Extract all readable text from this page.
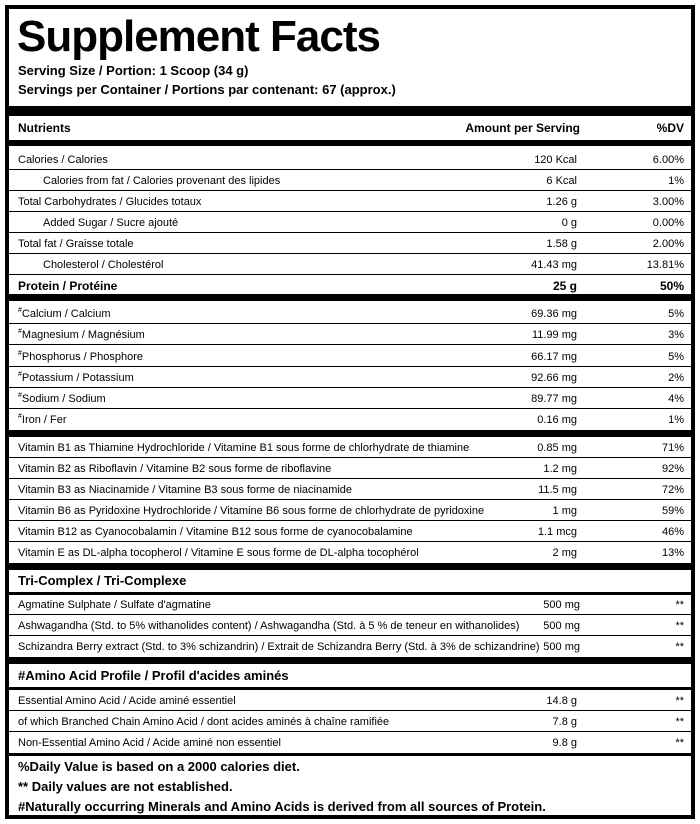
Supplement Facts
Serving Size / Portion: 1 Scoop (34 g)
Servings per Container / Portions par contenant: 67 (approx.)
Nutrients	Amount per Serving	%DV
Calories / Calories	120 Kcal	6.00%
Calories from fat / Calories provenant des lipides	6 Kcal	1%
Total Carbohydrates / Glucides totaux	1.26 g	3.00%
Added Sugar / Sucre ajouté	0 g	0.00%
Total fat / Graisse totale	1.58 g	2.00%
Cholesterol / Cholestérol	41.43 mg	13.81%
Protein / Protéine	25 g	50%
#Calcium / Calcium	69.36 mg	5%
#Magnesium / Magnésium	11.99 mg	3%
#Phosphorus / Phosphore	66.17 mg	5%
#Potassium / Potassium	92.66 mg	2%
#Sodium / Sodium	89.77 mg	4%
#Iron / Fer	0.16 mg	1%
Vitamin B1 as Thiamine Hydrochloride / Vitamine B1 sous forme de chlorhydrate de thiamine	0.85 mg	71%
Vitamin B2 as Riboflavin / Vitamine B2 sous forme de riboflavine	1.2 mg	92%
Vitamin B3 as Niacinamide / Vitamine B3 sous forme de niacinamide	11.5 mg	72%
Vitamin B6 as Pyridoxine Hydrochloride / Vitamine B6 sous forme de chlorhydrate de pyridoxine	1 mg	59%
Vitamin B12 as Cyanocobalamin / Vitamine B12 sous forme de cyanocobalamine	1.1 mcg	46%
Vitamin E as DL-alpha tocopherol / Vitamine E sous forme de DL-alpha tocophérol	2 mg	13%
Tri-Complex / Tri-Complexe
Agmatine Sulphate / Sulfate d'agmatine	500 mg	**
Ashwagandha (Std. to 5% withanolides content) / Ashwagandha (Std. à 5 % de teneur en withanolides) 500 mg	**
Schizandra Berry extract (Std. to 3% schizandrin) / Extrait de Schizandra Berry (Std. à 3% de schizandrine) 500 mg	**
#Amino Acid Profile / Profil d'acides aminés
Essential Amino Acid / Acide aminé essentiel	14.8 g	**
of which Branched Chain Amino Acid / dont acides aminés à chaîne ramifiée	7.8 g	**
Non-Essential Amino Acid / Acide aminé non essentiel	9.8 g	**
%Daily Value is based on a 2000 calories diet.
** Daily values are not established.
#Naturally occurring Minerals and Amino Acids is derived from all sources of Protein.
